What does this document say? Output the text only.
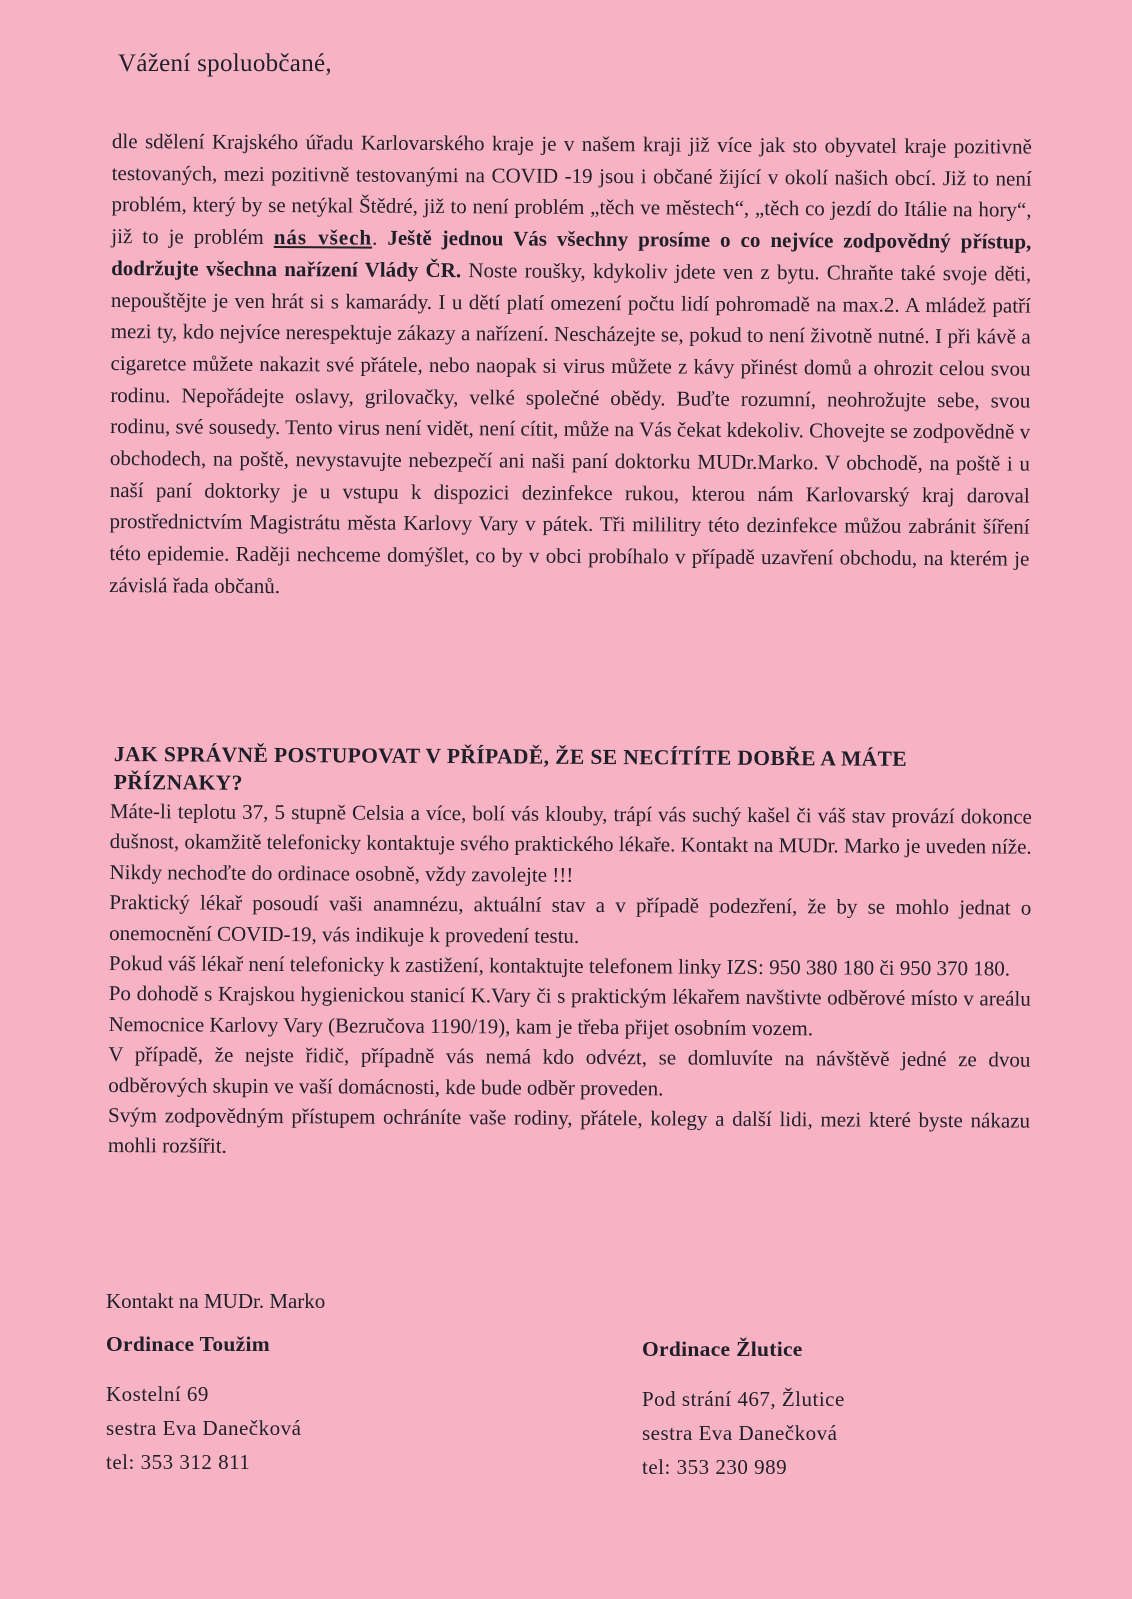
Vážení spoluobčané,

dle sdělení Krajského úřadu Karlovarského kraje je v našem kraji již více jak sto obyvatel kraje pozitivně testovaných, mezi pozitivně testovanými na COVID -19 jsou i občané žijící v okolí našich obcí. Již to není problém, který by se netýkal Štědré, již to není problém „těch ve městech“, „těch co jezdí do Itálie na hory“, již to je problém nás všech. Ještě jednou Vás všechny prosíme o co nejvíce zodpovědný přístup, dodržujte všechna nařízení Vlády ČR. Noste roušky, kdykoliv jdete ven z bytu. Chraňte také svoje děti, nepouštějte je ven hrát si s kamarády. I u dětí platí omezení počtu lidí pohromadě na max.2. A mládež patří mezi ty, kdo nejvíce nerespektuje zákazy a nařízení. Nescházejte se, pokud to není životně nutné. I při kávě a cigaretce můžete nakazit své přátele, nebo naopak si virus můžete z kávy přinést domů a ohrozit celou svou rodinu. Nepořádejte oslavy, grilovačky, velké společné obědy. Buďte rozumní, neohrožujte sebe, svou rodinu, své sousedy. Tento virus není vidět, není cítit, může na Vás čekat kdekoliv. Chovejte se zodpovědně v obchodech, na poště, nevystavujte nebezpečí ani naši paní doktorku MUDr.Marko. V obchodě, na poště i u naší paní doktorky je u vstupu k dispozici dezinfekce rukou, kterou nám Karlovarský kraj daroval prostřednictvím Magistrátu města Karlovy Vary v pátek. Tři mililitry této dezinfekce můžou zabránit šíření této epidemie. Raději nechceme domýšlet, co by v obci probíhalo v případě uzavření obchodu, na kterém je závislá řada občanů.

JAK SPRÁVNĚ POSTUPOVAT V PŘÍPADĚ, ŽE SE NECÍTÍTE DOBŘE A MÁTE PŘÍZNAKY?

Máte-li teplotu 37, 5 stupně Celsia a více, bolí vás klouby, trápí vás suchý kašel či váš stav provází dokonce dušnost, okamžitě telefonicky kontaktuje svého praktického lékaře. Kontakt na MUDr. Marko je uveden níže. Nikdy nechoďte do ordinace osobně, vždy zavolejte !!!

Praktický lékař posoudí vaši anamnézu, aktuální stav a v případě podezření, že by se mohlo jednat o onemocnění COVID-19, vás indikuje k provedení testu.

Pokud váš lékař není telefonicky k zastižení, kontaktujte telefonem linky IZS: 950 380 180 či 950 370 180.

Po dohodě s Krajskou hygienickou stanicí K.Vary či s praktickým lékařem navštivte odběrové místo v areálu Nemocnice Karlovy Vary (Bezručova 1190/19), kam je třeba přijet osobním vozem.

V případě, že nejste řidič, případně vás nemá kdo odvézt, se domluvíte na návštěvě jedné ze dvou odběrových skupin ve vaší domácnosti, kde bude odběr proveden.

Svým zodpovědným přístupem ochráníte vaše rodiny, přátele, kolegy a další lidi, mezi které byste nákazu mohli rozšířit.

Kontakt na MUDr. Marko
Ordinace Toužim
Kostelní 69
sestra Eva Danečková
tel: 353 312 811
Ordinace Žlutice
Pod strání 467, Žlutice
sestra Eva Danečková
tel: 353 230 989
